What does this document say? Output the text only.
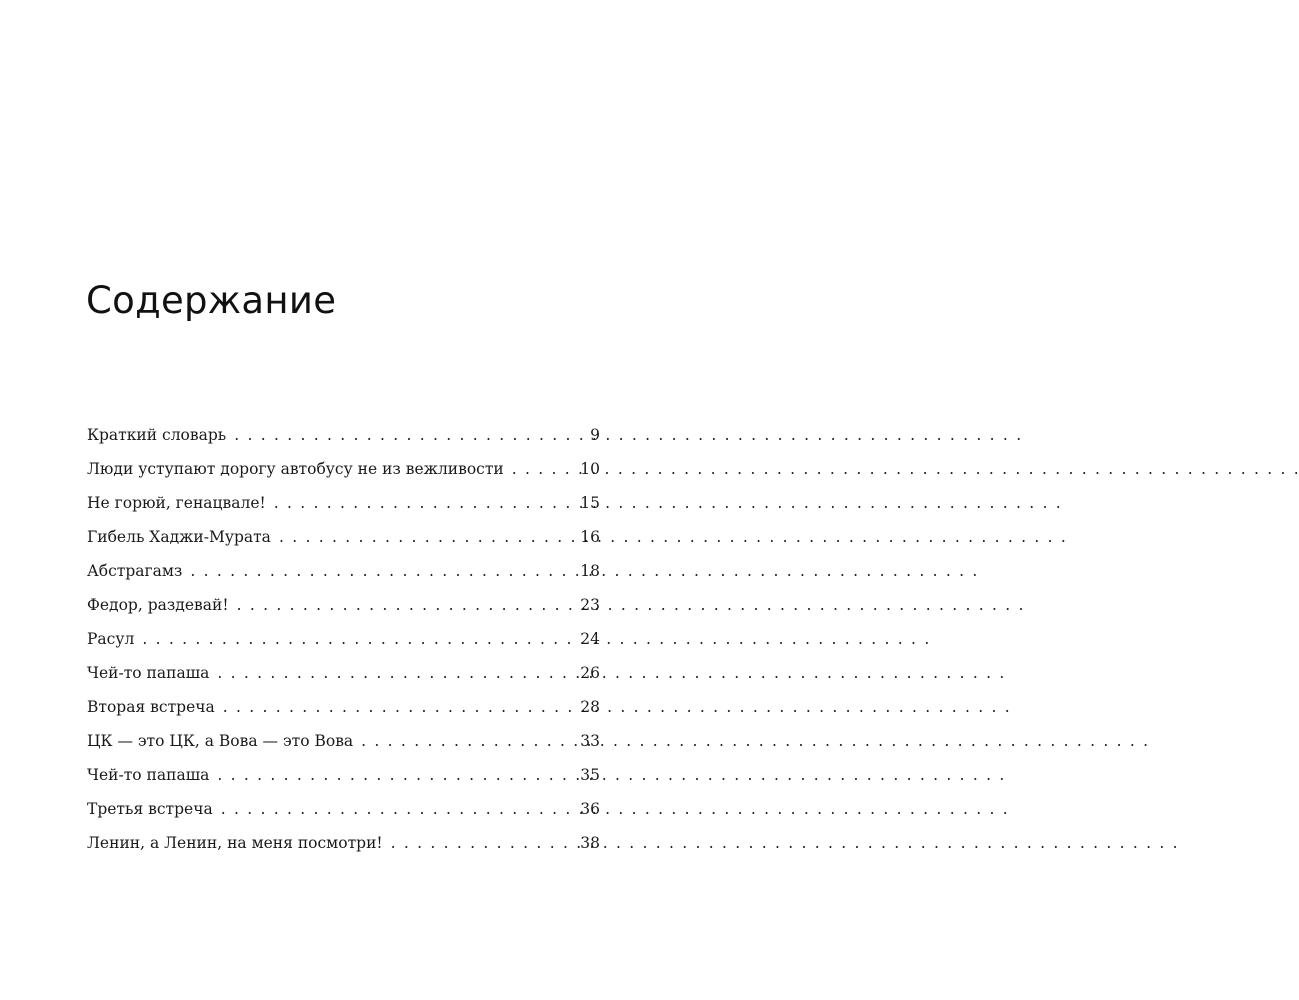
Содержание
Краткий словарь . . .	9
Люди уступают дорогу автобусу не из вежливости . . .	10
Не горюй, генацвале! . . .	15
Гибель Хаджи-Мурата . . .	16
Абстрагамз . . .	18
Федор, раздевай! . . .	23
Расул . . .	24
Чей-то папаша . . .	26
Вторая встреча . . .	28
ЦК — это ЦК, а Вова — это Вова . . .	33
Чей-то папаша . . .	35
Третья встреча . . .	36
Ленин, а Ленин, на меня посмотри! . . .	38
